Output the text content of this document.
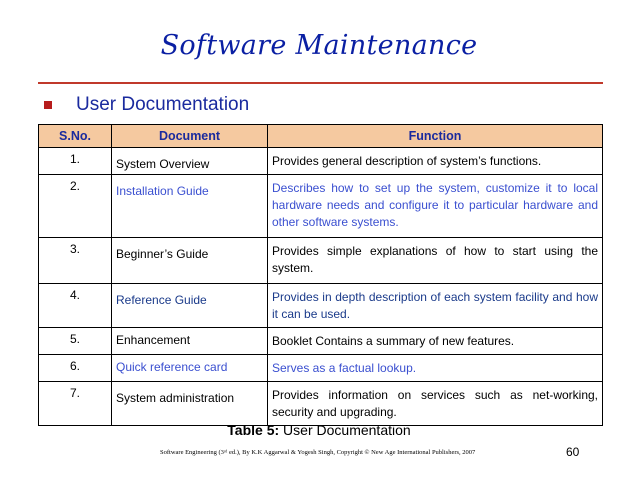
Software Maintenance
User Documentation
S.No.	Document	Function
1.	System Overview	Provides general description of system’s functions.

2.	Installation Guide	Describes how to set up the system, customize it to local hardware needs and configure it to particular hardware and other software systems.

3.	Beginner’s Guide	Provides simple explanations of how to start using the system.

4.	Reference Guide	Provides in depth description of each system facility and how it can be used.

5.	Enhancement	Booklet Contains a summary of new features.

6.	Quick reference card	Serves as a factual lookup.

7.	System administration	Provides information on services such as net-working, security and upgrading.
Table 5: User Documentation
Software Engineering (3ʳᵈ ed.), By K.K Aggarwal & Yogesh Singh, Copyright © New Age International Publishers, 2007	60
